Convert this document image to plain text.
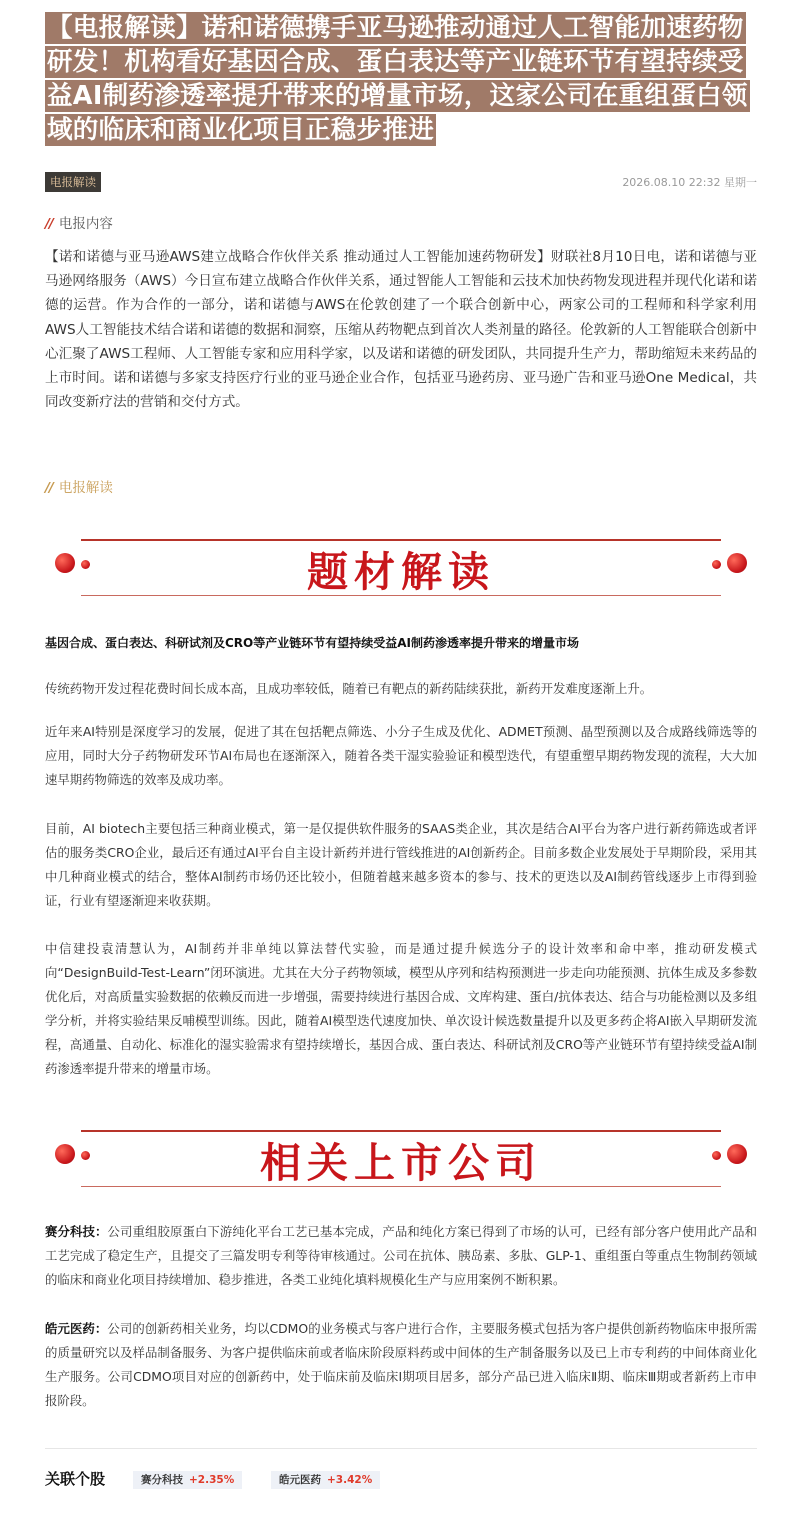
【电报解读】诺和诺德携手亚马逊推动通过人工智能加速药物研发！机构看好基因合成、蛋白表达等产业链环节有望持续受益AI制药渗透率提升带来的增量市场，这家公司在重组蛋白领域的临床和商业化项目正稳步推进
电报解读	2026.08.10 22:32 星期一
// 电报内容

【诺和诺德与亚马逊AWS建立战略合作伙伴关系 推动通过人工智能加速药物研发】财联社8月10日电，诺和诺德与亚马逊网络服务（AWS）今日宣布建立战略合作伙伴关系，通过智能人工智能和云技术加快药物发现进程并现代化诺和诺德的运营。作为合作的一部分，诺和诺德与AWS在伦敦创建了一个联合创新中心，两家公司的工程师和科学家利用AWS人工智能技术结合诺和诺德的数据和洞察，压缩从药物靶点到首次人类剂量的路径。伦敦新的人工智能联合创新中心汇聚了AWS工程师、人工智能专家和应用科学家，以及诺和诺德的研发团队，共同提升生产力，帮助缩短未来药品的上市时间。诺和诺德与多家支持医疗行业的亚马逊企业合作，包括亚马逊药房、亚马逊广告和亚马逊One Medical，共同改变新疗法的营销和交付方式。

// 电报解读
题材解读
基因合成、蛋白表达、科研试剂及CRO等产业链环节有望持续受益AI制药渗透率提升带来的增量市场

传统药物开发过程花费时间长成本高，且成功率较低，随着已有靶点的新药陆续获批，新药开发难度逐渐上升。

近年来AI特别是深度学习的发展，促进了其在包括靶点筛选、小分子生成及优化、ADMET预测、晶型预测以及合成路线筛选等的应用，同时大分子药物研发环节AI布局也在逐渐深入，随着各类干湿实验验证和模型迭代，有望重塑早期药物发现的流程，大大加速早期药物筛选的效率及成功率。

目前，AI biotech主要包括三种商业模式，第一是仅提供软件服务的SAAS类企业，其次是结合AI平台为客户进行新药筛选或者评估的服务类CRO企业，最后还有通过AI平台自主设计新药并进行管线推进的AI创新药企。目前多数企业发展处于早期阶段，采用其中几种商业模式的结合，整体AI制药市场仍还比较小，但随着越来越多资本的参与、技术的更迭以及AI制药管线逐步上市得到验证，行业有望逐渐迎来收获期。

中信建投袁清慧认为，AI制药并非单纯以算法替代实验，而是通过提升候选分子的设计效率和命中率，推动研发模式向“DesignBuild-Test-Learn”闭环演进。尤其在大分子药物领域，模型从序列和结构预测进一步走向功能预测、抗体生成及多参数优化后，对高质量实验数据的依赖反而进一步增强，需要持续进行基因合成、文库构建、蛋白/抗体表达、结合与功能检测以及多组学分析，并将实验结果反哺模型训练。因此，随着AI模型迭代速度加快、单次设计候选数量提升以及更多药企将AI嵌入早期研发流程，高通量、自动化、标准化的湿实验需求有望持续增长，基因合成、蛋白表达、科研试剂及CRO等产业链环节有望持续受益AI制药渗透率提升带来的增量市场。

相关上市公司

赛分科技：公司重组胶原蛋白下游纯化平台工艺已基本完成，产品和纯化方案已得到了市场的认可，已经有部分客户使用此产品和工艺完成了稳定生产，且提交了三篇发明专利等待审核通过。公司在抗体、胰岛素、多肽、GLP-1、重组蛋白等重点生物制药领域的临床和商业化项目持续增加、稳步推进，各类工业纯化填料规模化生产与应用案例不断积累。

皓元医药：公司的创新药相关业务，均以CDMO的业务模式与客户进行合作，主要服务模式包括为客户提供创新药物临床申报所需的质量研究以及样品制备服务、为客户提供临床前或者临床阶段原料药或中间体的生产制备服务以及已上市专利药的中间体商业化生产服务。公司CDMO项目对应的创新药中，处于临床前及临床Ⅰ期项目居多，部分产品已进入临床Ⅱ期、临床Ⅲ期或者新药上市申报阶段。

关联个股	赛分科技 +2.35%	皓元医药 +3.42%
